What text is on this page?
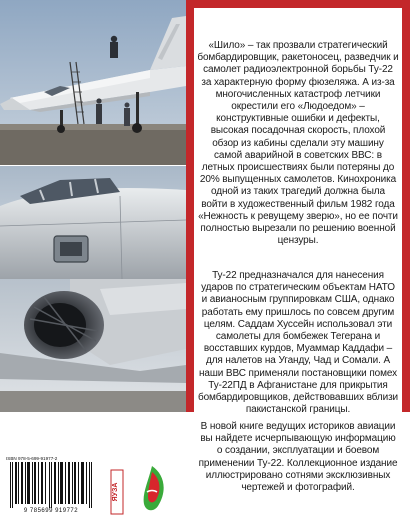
«Шило» – так прозвали стратегический бомбардировщик, ракетоносец, разведчик и самолет радиоэлектронной борьбы Ту-22 за характерную форму фюзеляжа. А из-за многочисленных катастроф летчики окрестили его «Людоедом» – конструктивные ошибки и дефекты, высокая посадочная скорость, плохой обзор из кабины сделали эту машину самой аварийной в советских ВВС: в летных происшествиях были потеряны до 20% выпущенных самолетов. Кинохроника одной из таких трагедий должна была войти в художественный фильм 1982 года «Нежность к ревущему зверю», но ее почти полностью вырезали по решению военной цензуры.
Ту-22 предназначался для нанесения ударов по стратегическим объектам НАТО и авианосным группировкам США, однако работать ему пришлось по совсем другим целям. Саддам Хуссейн использовал эти самолеты для бомбежек Тегерана и восставших курдов, Муаммар Каддафи – для налетов на Уганду, Чад и Сомали. А наши ВВС применяли постановщики помех Ту-22ПД в Афганистане для прикрытия бомбардировщиков, действовавших вблизи пакистанской границы.
В новой книге ведущих историков авиации вы найдете исчерпывающую информацию о создании, эксплуатации и боевом применении Ту-22. Коллекционное издание иллюстрировано сотнями эксклюзивных чертежей и фотографий.
ISBN 978-5-699-91977-2
9 785699 919772
ЯУЗА
